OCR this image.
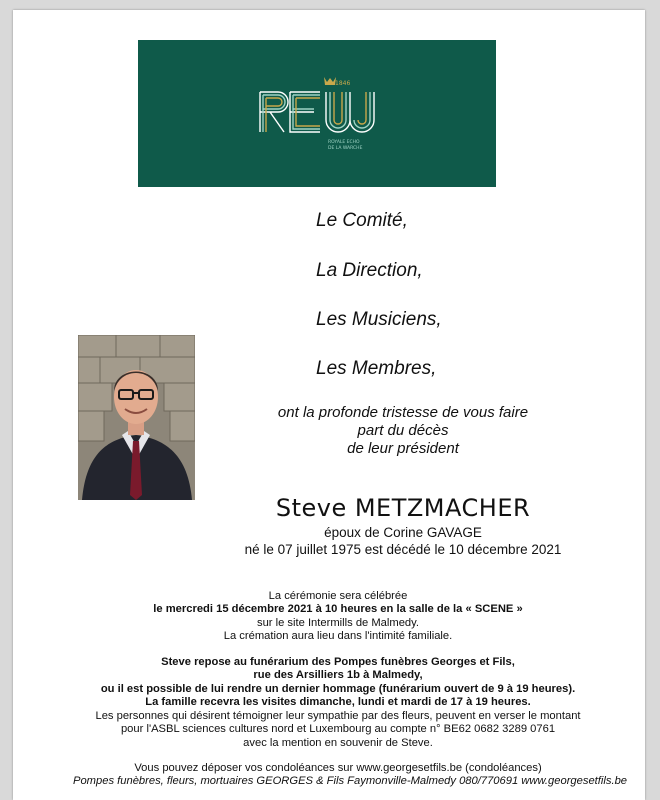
1846
ROYALE ECHO
DE LA WARCHE
Le Comité,
La Direction,
Les Musiciens,
Les Membres,
ont la profonde tristesse de vous faire
part du décès
de leur président
Steve METZMACHER
époux de Corine GAVAGE
né le 07 juillet 1975 est décédé le 10 décembre 2021
La cérémonie sera célébrée
le mercredi 15 décembre 2021 à 10 heures en la salle de la « SCENE »
sur le site Intermills de Malmedy.
La crémation aura lieu dans l'intimité familiale.
Steve repose au funérarium des Pompes funèbres Georges et Fils,
rue des Arsilliers 1b à Malmedy,
ou il est possible de lui rendre un dernier hommage (funérarium ouvert de 9 à 19 heures).
La famille recevra les visites dimanche, lundi et mardi de 17 à 19 heures.
Les personnes qui désirent témoigner leur sympathie par des fleurs, peuvent en verser le montant
pour l'ASBL sciences cultures nord et Luxembourg au compte n° BE62 0682 3289 0761
avec la mention en souvenir de Steve.
Vous pouvez déposer vos condoléances sur www.georgesetfils.be (condoléances)
Pompes funèbres, fleurs, mortuaires GEORGES & Fils Faymonville-Malmedy 080/770691 www.georgesetfils.be
